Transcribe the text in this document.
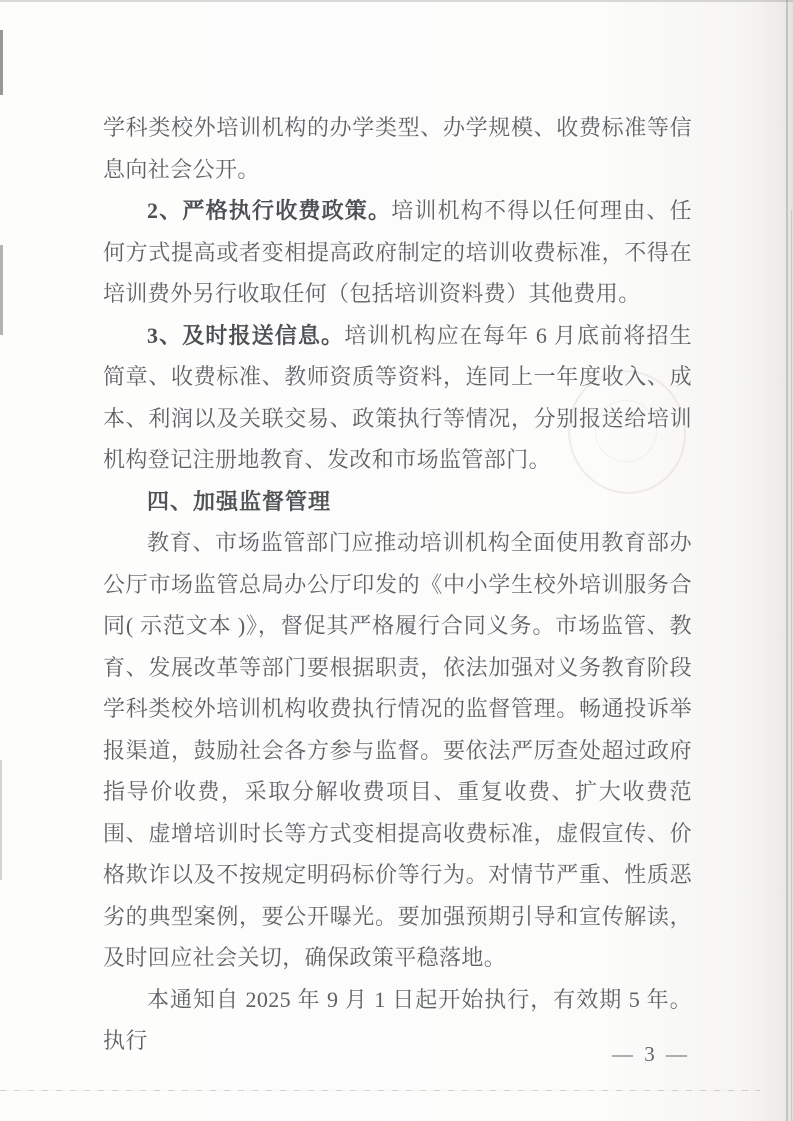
学科类校外培训机构的办学类型、办学规模、收费标准等信息向社会公开。

2、严格执行收费政策。培训机构不得以任何理由、任何方式提高或者变相提高政府制定的培训收费标准，不得在培训费外另行收取任何（包括培训资料费）其他费用。

3、及时报送信息。培训机构应在每年 6 月底前将招生简章、收费标准、教师资质等资料，连同上一年度收入、成本、利润以及关联交易、政策执行等情况，分别报送给培训机构登记注册地教育、发改和市场监管部门。

四、加强监督管理

教育、市场监管部门应推动培训机构全面使用教育部办公厅市场监管总局办公厅印发的《中小学生校外培训服务合同( 示范文本 )》，督促其严格履行合同义务。市场监管、教育、发展改革等部门要根据职责，依法加强对义务教育阶段学科类校外培训机构收费执行情况的监督管理。畅通投诉举报渠道，鼓励社会各方参与监督。要依法严厉查处超过政府指导价收费，采取分解收费项目、重复收费、扩大收费范围、虚增培训时长等方式变相提高收费标准，虚假宣传、价格欺诈以及不按规定明码标价等行为。对情节严重、性质恶劣的典型案例，要公开曝光。要加强预期引导和宣传解读，及时回应社会关切，确保政策平稳落地。

本通知自 2025 年 9 月 1 日起开始执行，有效期 5 年。执行

— 3 —
